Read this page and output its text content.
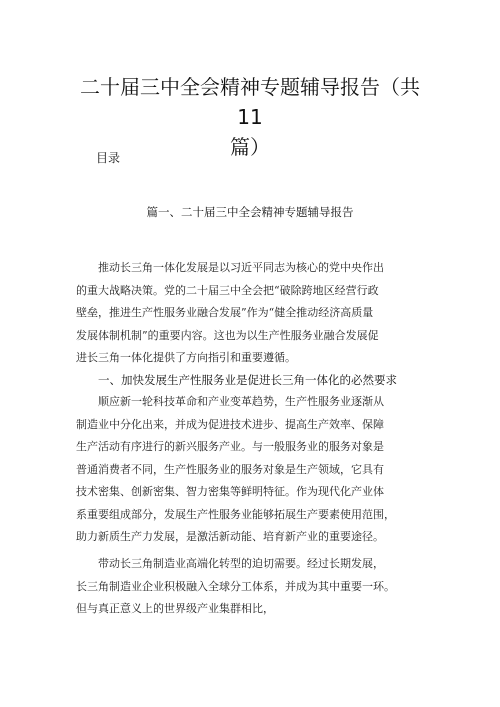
二十届三中全会精神专题辅导报告（共11
篇）
目录
篇一、二十届三中全会精神专题辅导报告
推动长三角一体化发展是以习近平同志为核心的党中央作出
的重大战略决策。党的二十届三中全会把“破除跨地区经营行政
壁垒，推进生产性服务业融合发展”作为“健全推动经济高质量
发展体制机制”的重要内容。这也为以生产性服务业融合发展促
进长三角一体化提供了方向指引和重要遵循。
一、加快发展生产性服务业是促进长三角一体化的必然要求
顺应新一轮科技革命和产业变革趋势，生产性服务业逐渐从
制造业中分化出来，并成为促进技术进步、提高生产效率、保障
生产活动有序进行的新兴服务产业。与一般服务业的服务对象是
普通消费者不同，生产性服务业的服务对象是生产领域，它具有
技术密集、创新密集、智力密集等鲜明特征。作为现代化产业体
系重要组成部分，发展生产性服务业能够拓展生产要素使用范围，
助力新质生产力发展，是激活新动能、培育新产业的重要途径。
带动长三角制造业高端化转型的迫切需要。经过长期发展，
长三角制造业企业积极融入全球分工体系，并成为其中重要一环。
但与真正意义上的世界级产业集群相比，
